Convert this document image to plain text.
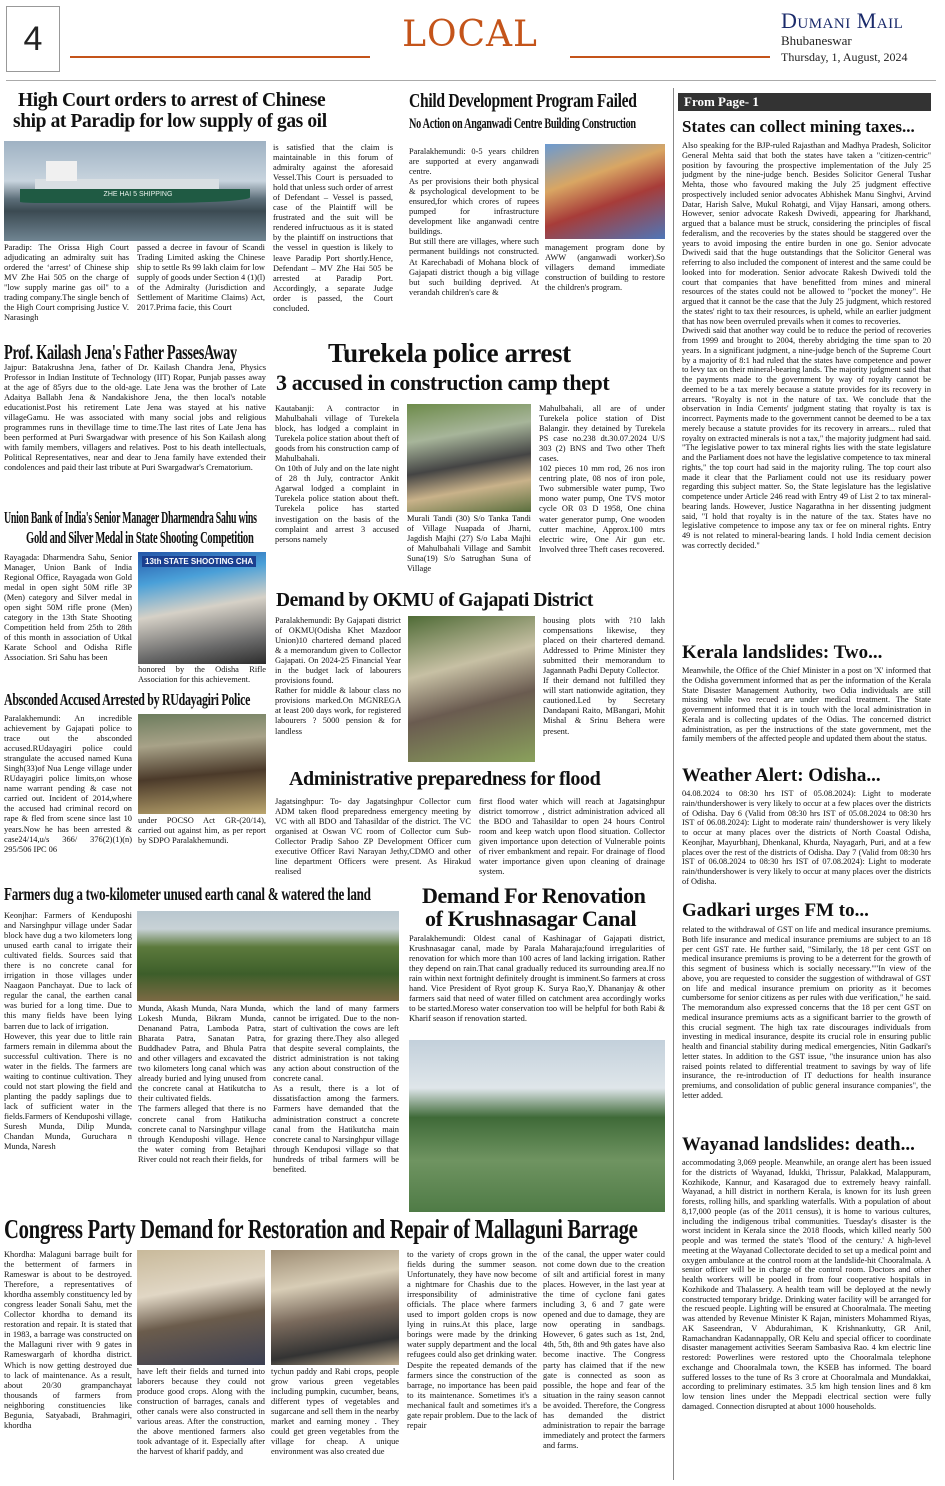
4	LOCAL	Dumani Mail
Bhubaneswar
Thursday, 1, August, 2024
High Court orders to arrest of Chinese
ship at Paradip for low supply of gas oil
ZHE HAI 5 SHIPPING
Paradip: The Orissa High Court adjudicating an admiralty suit has ordered the ‘arrest’ of Chinese ship MV Zhe Hai 505 on the charge of "low supply marine gas oil" to a trading company.The single bench of the High Court comprising Justice V. Narasingh
passed a decree in favour of Scandi Trading Limited asking the Chinese ship to settle Rs 99 lakh claim for low supply of goods under Section 4 (1)(l) of the Admiralty (Jurisdiction and Settlement of Maritime Claims) Act, 2017.Prima facie, this Court
is satisfied that the claim is maintainable in this forum of admiralty against the aforesaid Vessel.This Court is persuaded to hold that unless such order of arrest of Defendant – Vessel is passed, case of the Plaintiff will be frustrated and the suit will be rendered infructuous as it is stated by the plaintiff on instructions that the vessel in question is likely to leave Paradip Port shortly.Hence, Defendant – MV Zhe Hai 505 be arrested at Paradip Port. Accordingly, a separate Judge order is passed, the Court concluded.
Child Development Program Failed
No Action on Anganwadi Centre Building Construction
Paralakhemundi: 0-5 years children are supported at every anganwadi centre.
As per provisions their both physical & psychological development to be ensured,for which crores of rupees pumped for infrastructure development like anganwadi centre buildings.
But still there are villages, where such permanent buildings not constructed. At Karechabadi of Mohana block of Gajapati district though a big village but such building deprived. At verandah children's care &
management program done by AWW (anganwadi worker).So villagers demand immediate construction of building to restore the children's program.
Prof. Kailash Jena's Father PassesAway
Jajpur: Batakrushna Jena, father of Dr. Kailash Chandra Jena, Physics Professor in Indian Institute of Technology (IIT) Ropar, Punjab passes away at the age of 85yrs due to the old-age. Late Jena was the brother of Late Adaitya Ballabh Jena & Nandakishore Jena, the then local's notable educationist.Post his retirement Late Jena was stayed at his native villageGamu. He was associated with many social jobs and religious programmes runs in thevillage time to time.The last rites of Late Jena has been performed at Puri Swargadwar with presence of his Son Kailash along with family members, villagers and relatives. Post to his death intellectuals, Political Representatives, near and dear to Jena family have extended their condolences and paid their last tribute at Puri Swargadwar's Crematorium.
Turekela police arrest
3 accused in construction camp thept
Kautabanji: A contractor in Mahulbahali village of Turekela block, has lodged a complaint in Turekela police station about theft of goods from his construction camp of Mahulbahali.
On 10th of July and on the late night of 28 th July, contractor Ankit Agarwal lodged a complaint in Turekela police station about theft. Turekela police has started investigation on the basis of the complaint and arrest 3 accused persons namely
Murali Tandi (30) S/o Tanka Tandi of Village Nuapada of Jharni, Jagdish Majhi (27) S/o Laba Majhi of Mahulbahali Village and Sambit Suna(19) S/o Satrughan Suna of Village
Mahulbahali, all are of under Turekela police station of Dist Balangir. they detained by Turekela PS case no.238 dt.30.07.2024 U/S 303 (2) BNS and Two other Theft cases.
102 pieces 10 mm rod, 26 nos iron centring plate, 08 nos of iron pole, Two submersible water pump, Two mono water pump, One TVS motor cycle OR 03 D 1958, One china water generator pump, One wooden cutter machine, Approx.100 mtrs electric wire, One Air gun etc. Involved three Theft cases recovered.
Union Bank of India's Senior Manager Dharmendra Sahu wins
Gold and Silver Medal in State Shooting Competition
Rayagada: Dharmendra Sahu, Senior Manager, Union Bank of India Regional Office, Rayagada won Gold medal in open sight 50M rifle 3P (Men) category and Silver medal in open sight 50M rifle prone (Men) category in the 13th State Shooting Competition held from 25th to 28th of this month in association of Utkal Karate School and Odisha Rifle Association. Sri Sahu has been
13th STATE SHOOTING CHA
honored by the Odisha Rifle Association for this achievement.
Demand by OKMU of Gajapati District
Paralakhemundi: By Gajapati district of OKMU(Odisha Khet Mazdoor Union)10 chartered demand placed & a memorandum given to Collector Gajapati. On 2024-25 Financial Year in the budget lack of labourers provisions found.
Rather for middle & labour class no provisions marked.On MGNREGA at least 200 days work, for registered labourers ? 5000 pension & for landless
housing plots with ?10 lakh compensations likewise, they placed on their chartered demand. Addressed to Prime Minister they submitted their memorandum to Jagannath Padhi Deputy Collector.
If their demand not fulfilled they will start nationwide agitation, they cautioned.Led by Secretary Dandapani Raito, MBangari, Mohit Mishal & Srinu Behera were present.
Absconded Accused Arrested by RUdayagiri Police
Paralakhemundi: An incredible achievement by Gajapati police to trace out the absconded accused.RUdayagiri police could strangulate the accused named Kuna Singh(33)of Nua Lenge village under RUdayagiri police limits,on whose name warrant pending & case not carried out. Incident of 2014,where the accused had criminal record on rape & fled from scene since last 10 years.Now he has been arrested & case24/14,u/s 366/ 376(2)(1)(n) 295/506 IPC 06
under POCSO Act GR-(20/14), carried out against him, as per report by SDPO Paralakhemundi.
Administrative preparedness for flood
Jagatsinghpur: To- day Jagatsinghpur Collector cum ADM taken flood preparedness emergency meeting by VC with all BDO and Tahasildar of the district. The VC organised at Oswan VC room of Collector cum Sub-Collector Pradip Sahoo ZP Development Officer cum executive Officer Ravi Narayan Jethy,CDMO and other line department Officers were present. As Hirakud realised
first flood water which will reach at Jagatsinghpur district tomorrow , district administration adviced all the BDO and Tahasildar to open 24 hours Control room and keep watch upon flood situation. Collector given importance upon detection of Vulnerable points of river embankment and repair. For drainage of flood water importance given upon cleaning of drainage system.
Farmers dug a two-kilometer unused earth canal & watered the land
Keonjhar: Farmers of Kenduposhi and Narsinghpur village under Sadar block have dug a two kilometers long unused earth canal to irrigate their cultivated fields. Sources said that there is no concrete canal for irrigation in those villages under Naagaon Panchayat. Due to lack of regular the canal, the earthen canal was buried for a long time. Due to this many fields have been lying barren due to lack of irrigation.
However, this year due to little rain farmers remain in dilemma about the successful cultivation. There is no water in the fields. The farmers are waiting to continue cultivation. They could not start plowing the field and planting the paddy saplings due to lack of sufficient water in the fields.Farmers of Kenduposhi village, Suresh Munda, Dilip Munda, Chandan Munda, Guruchara n Munda, Naresh
Munda, Akash Munda, Nara Munda, Lokesh Munda, Bikram Munda, Denanand Patra, Lamboda Patra, Bharata Patra, Sanatan Patra, Buddhadev Patra, and Bhula Patra and other villagers and excavated the two kilometers long canal which was already buried and lying unused from the concrete canal at Hatikutcha to their cultivated fields.
The farmers alleged that there is no concrete canal from Hatikucha concrete canal to Narsinghpur village through Kenduposhi village. Hence the water coming from Betajhari River could not reach their fields, for
which the land of many farmers cannot be irrigated. Due to the non-start of cultivation the cows are left for grazing there.They also alleged that despite several complaints, the district administration is not taking any action about construction of the concrete canal.
As a result, there is a lot of dissatisfaction among the farmers. Farmers have demanded that the administration construct a concrete canal from the Hatikutcha main concrete canal to Narsinghpur village through Kenduposi village so that hundreds of tribal farmers will be benefited.
Demand For Renovation
of Krushnasagar Canal
Paralakhemundi: Oldest canal of Kashinagar of Gajapati district, Krushnasagar canal, made by Parala Maharaja;found irregularities of renovation for which more than 100 acres of land lacking irrigation. Rather they depend on rain.That canal gradually reduced its surrounding area.If no rain within next fortnight definitely drought is imminent.So farmers at cross hand. Vice President of Ryot group K. Surya Rao,Y. Dhananjay & other farmers said that need of water filled on catchment area accordingly works to be started.Moreso water conservation too will be helpful for both Rabi & Kharif season if renovation started.
Congress Party Demand for Restoration and Repair of Mallaguni Barrage
Khordha: Malaguni barrage built for the betterment of farmers in Rameswar is about to be destroyed. Therefore, a representatives of khordha assembly constituency led by congress leader Sonali Sahu, met the Collector khordha to demand its restoration and repair. It is stated that in 1983, a barrage was constructed on the Mallaguni river with 9 gates in Rameswargarh of khordha district. Which is now getting destroyed due to lack of maintenance. As a result, about 20/30 grampanchayat thousands of farmers from neighboring constituencies like Begunia, Satyabadi, Brahmagiri, khordha
have left their fields and turned into laborers because they could not produce good crops. Along with the construction of barrages, canals and other canals were also constructed in various areas. After the construction, the above mentioned farmers also took advantage of it. Especially after the harvest of kharif paddy, and
tychun paddy and Rabi crops, people grow various green vegetables including pumpkin, cucumber, beans, different types of vegetables and sugarcane and sell them in the nearby market and earning money . They could get green vegetables from the village for cheap. A unique environment was also created due
to the variety of crops grown in the fields during the summer season. Unfortunately, they have now become a nightmare for Chashis due to the irresponsibility of administrative officials. The place where farmers used to import golden crops is now lying in ruins.At this place, large borings were made by the drinking water supply department and the local refugees could also get drinking water. Despite the repeated demands of the farmers since the construction of the barrage, no importance has been paid to its maintenance. Sometimes it's a mechanical fault and sometimes it's a gate repair problem. Due to the lack of repair
of the canal, the upper water could not come down due to the creation of silt and artificial forest in many places. However, in the last year at the time of cyclone fani gates including 3, 6 and 7 gate were opened and due to damage, they are now operating in sandbags. However, 6 gates such as 1st, 2nd, 4th, 5th, 8th and 9th gates have also become inactive. The Congress party has claimed that if the new gate is connected as soon as possible, the hope and fear of the situation in the rainy season cannot be avoided. Therefore, the Congress has demanded the district administration to repair the barrage immediately and protect the farmers and farms.
From Page- 1
States can collect mining taxes...
Also speaking for the BJP-ruled Rajasthan and Madhya Pradesh, Solicitor General Mehta said that both the states have taken a "citizen-centric" position by favouring the prospective implementation of the July 25 judgment by the nine-judge bench. Besides Solicitor General Tushar Mehta, those who favoured making the July 25 judgment effective prospectively included senior advocates Abhishek Manu Singhvi, Arvind Datar, Harish Salve, Mukul Rohatgi, and Vijay Hansari, among others. However, senior advocate Rakesh Dwivedi, appearing for Jharkhand, argued that a balance must be struck, considering the principles of fiscal federalism, and the recoveries by the states should be staggered over the years to avoid imposing the entire burden in one go. Senior advocate Dwivedi said that the huge outstandings that the Solicitor General was referring to also included the component of interest and the same could be looked into for moderation. Senior advocate Rakesh Dwivedi told the court that companies that have benefitted from mines and mineral resources of the states could not be allowed to "pocket the money". He argued that it cannot be the case that the July 25 judgment, which restored the states' right to tax their resources, is upheld, while an earlier judgment that has now been overruled prevails when it comes to recoveries.
Dwivedi said that another way could be to reduce the period of recoveries from 1999 and brought to 2004, thereby abridging the time span to 20 years. In a significant judgment, a nine-judge bench of the Supreme Court by a majority of 8:1 had ruled that the states have competence and power to levy tax on their mineral-bearing lands. The majority judgment said that the payments made to the government by way of royalty cannot be deemed to be a tax merely because a statute provides for its recovery in arrears. "Royalty is not in the nature of tax. We conclude that the observation in India Cements' judgment stating that royalty is tax is incorrect. Payments made to the government cannot be deemed to be a tax merely because a statute provides for its recovery in arrears... ruled that royalty on extracted minerals is not a tax," the majority judgment had said. "The legislative power to tax mineral rights lies with the state legislature and the Parliament does not have the legislative competence to tax mineral rights," the top court had said in the majority ruling. The top court also made it clear that the Parliament could not use its residuary power regarding this subject matter. So, the State legislature has the legislative competence under Article 246 read with Entry 49 of List 2 to tax mineral-bearing lands. However, Justice Nagarathna in her dissenting judgment said, "I hold that royalty is in the nature of the tax. States have no legislative competence to impose any tax or fee on mineral rights. Entry 49 is not related to mineral-bearing lands. I hold India cement decision was correctly decided."
Kerala landslides: Two...
Meanwhile, the Office of the Chief Minister in a post on 'X' informed that the Odisha government informed that as per the information of the Kerala State Disaster Management Authority, two Odia individuals are still missing while two recued are under medical treatment. The State government informed that it is in touch with the local administration in Kerala and is collecting updates of the Odias. The concerned district administration, as per the instructions of the state government, met the family members of the affected people and updated them about the status.
Weather Alert: Odisha...
04.08.2024 to 08:30 hrs IST of 05.08.2024): Light to moderate rain/thundershower is very likely to occur at a few places over the districts of Odisha. Day 6 (Valid from 08:30 hrs IST of 05.08.2024 to 08:30 hrs IST of 06.08.2024): Light to moderate rain/ thundershower is very likely to occur at many places over the districts of North Coastal Odisha, Keonjhar, Mayurbhanj, Dhenkanal, Khurda, Nayagarh, Puri, and at a few places over the rest of the districts of Odisha. Day 7 (Valid from 08:30 hrs IST of 06.08.2024 to 08:30 hrs IST of 07.08.2024): Light to moderate rain/thundershower is very likely to occur at many places over the districts of Odisha.
Gadkari urges FM to...
related to the withdrawal of GST on life and medical insurance premiums. Both life insurance and medical insurance premiums are subject to an 18 per cent GST rate. He further said, "Similarly, the 18 per cent GST on medical insurance premiums is proving to be a deterrent for the growth of this segment of business which is socially necessary.""In view of the above, you are requested to consider the suggestion of withdrawal of GST on life and medical insurance premium on priority as it becomes cumbersome for senior citizens as per rules with due verification," he said. The memorandum also expressed concerns that the 18 per cent GST on medical insurance premiums acts as a significant barrier to the growth of this crucial segment. The high tax rate discourages individuals from investing in medical insurance, despite its crucial role in ensuring public health and financial stability during medical emergencies, Nitin Gadkari's letter states. In addition to the GST issue, "the insurance union has also raised points related to differential treatment to savings by way of life insurance, the re-introduction of IT deductions for health insurance premiums, and consolidation of public general insurance companies", the letter added.
Wayanad landslides: death...
accommodating 3,069 people. Meanwhile, an orange alert has been issued for the districts of Wayanad, Idukki, Thrissur, Palakkad, Malappuram, Kozhikode, Kannur, and Kasaragod due to extremely heavy rainfall. Wayanad, a hill district in northern Kerala, is known for its lush green forests, rolling hills, and sparkling waterfalls. With a population of about 8,17,000 people (as of the 2011 census), it is home to various cultures, including the indigenous tribal communities. Tuesday's disaster is the worst incident in Kerala since the 2018 floods, which killed nearly 500 people and was termed the state's 'flood of the century.' A high-level meeting at the Wayanad Collectorate decided to set up a medical point and oxygen ambulance at the control room at the landslide-hit Chooralmala. A senior officer will be in charge of the control room. Doctors and other health workers will be pooled in from four cooperative hospitals in Kozhikode and Thalassery. A health team will be deployed at the newly constructed temporary bridge. Drinking water facility will be arranged for the rescued people. Lighting will be ensured at Chooralmala. The meeting was attended by Revenue Minister K Rajan, ministers Mohammed Riyas, AK Saseendran, V Abdurahiman, K Krishnankutty, GR Anil, Ramachandran Kadannappally, OR Kelu and special officer to coordinate disaster management activities Seeram Sambasiva Rao. 4 km electric line restored: Powerlines were restored upto the Chooralmala telephone exchange and Chooralmala town, the KSEB has informed. The board suffered losses to the tune of Rs 3 crore at Chooralmala and Mundakkai, according to preliminary estimates. 3.5 km high tension lines and 8 km low tension lines under the Meppadi electrical section were fully damaged. Connection disrupted at about 1000 households.
